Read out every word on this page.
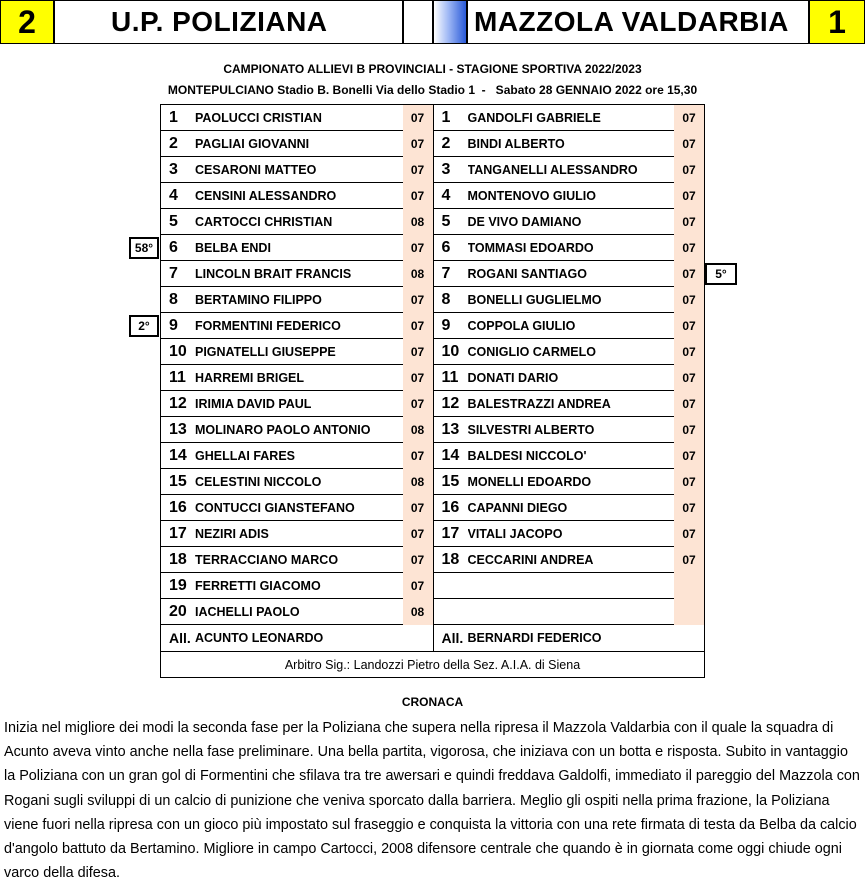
2	U.P. POLIZIANA	MAZZOLA VALDARBIA	1
CAMPIONATO ALLIEVI B PROVINCIALI - STAGIONE SPORTIVA 2022/2023
MONTEPULCIANO Stadio B. Bonelli Via dello Stadio 1  -   Sabato 28 GENNAIO 2022 ore 15,30
58°
2°
5°
1	PAOLUCCI CRISTIAN	07	1	GANDOLFI GABRIELE	07
2	PAGLIAI GIOVANNI	07	2	BINDI ALBERTO	07
3	CESARONI MATTEO	07	3	TANGANELLI ALESSANDRO	07
4	CENSINI ALESSANDRO	07	4	MONTENOVO GIULIO	07
5	CARTOCCI CHRISTIAN	08	5	DE VIVO DAMIANO	07
6	BELBA ENDI	07	6	TOMMASI EDOARDO	07
7	LINCOLN BRAIT FRANCIS	08	7	ROGANI SANTIAGO	07
8	BERTAMINO FILIPPO	07	8	BONELLI GUGLIELMO	07
9	FORMENTINI FEDERICO	07	9	COPPOLA GIULIO	07
10 PIGNATELLI GIUSEPPE	07	10 CONIGLIO CARMELO	07
11 HARREMI BRIGEL	07	11 DONATI DARIO	07
12 IRIMIA DAVID PAUL	07	12 BALESTRAZZI ANDREA	07
13 MOLINARO PAOLO ANTONIO	08	13 SILVESTRI ALBERTO	07
14 GHELLAI FARES	07	14 BALDESI NICCOLO'	07
15 CELESTINI NICCOLO	08	15 MONELLI EDOARDO	07
16 CONTUCCI GIANSTEFANO	07	16 CAPANNI DIEGO	07
17 NEZIRI ADIS	07	17 VITALI JACOPO	07
18 TERRACCIANO MARCO	07	18 CECCARINI ANDREA	07
19 FERRETTI GIACOMO	07
20 IACHELLI PAOLO	08
All. ACUNTO LEONARDO	All. BERNARDI FEDERICO
Arbitro Sig.: Landozzi Pietro della Sez. A.I.A. di Siena
CRONACA
Inizia nel migliore dei modi la seconda fase per la Poliziana che supera nella ripresa il Mazzola Valdarbia con il quale la squadra di Acunto aveva vinto anche nella fase preliminare. Una bella partita, vigorosa, che iniziava con un botta e risposta. Subito in vantaggio la Poliziana con un gran gol di Formentini che sfilava tra tre awersari e quindi freddava Galdolfi, immediato il pareggio del Mazzola con Rogani sugli sviluppi di un calcio di punizione che veniva sporcato dalla barriera. Meglio gli ospiti nella prima frazione, la Poliziana viene fuori nella ripresa con un gioco più impostato sul fraseggio e conquista la vittoria con una rete firmata di testa da Belba da calcio d'angolo battuto da Bertamino. Migliore in campo Cartocci, 2008 difensore centrale che quando è in giornata come oggi chiude ogni varco della difesa.
